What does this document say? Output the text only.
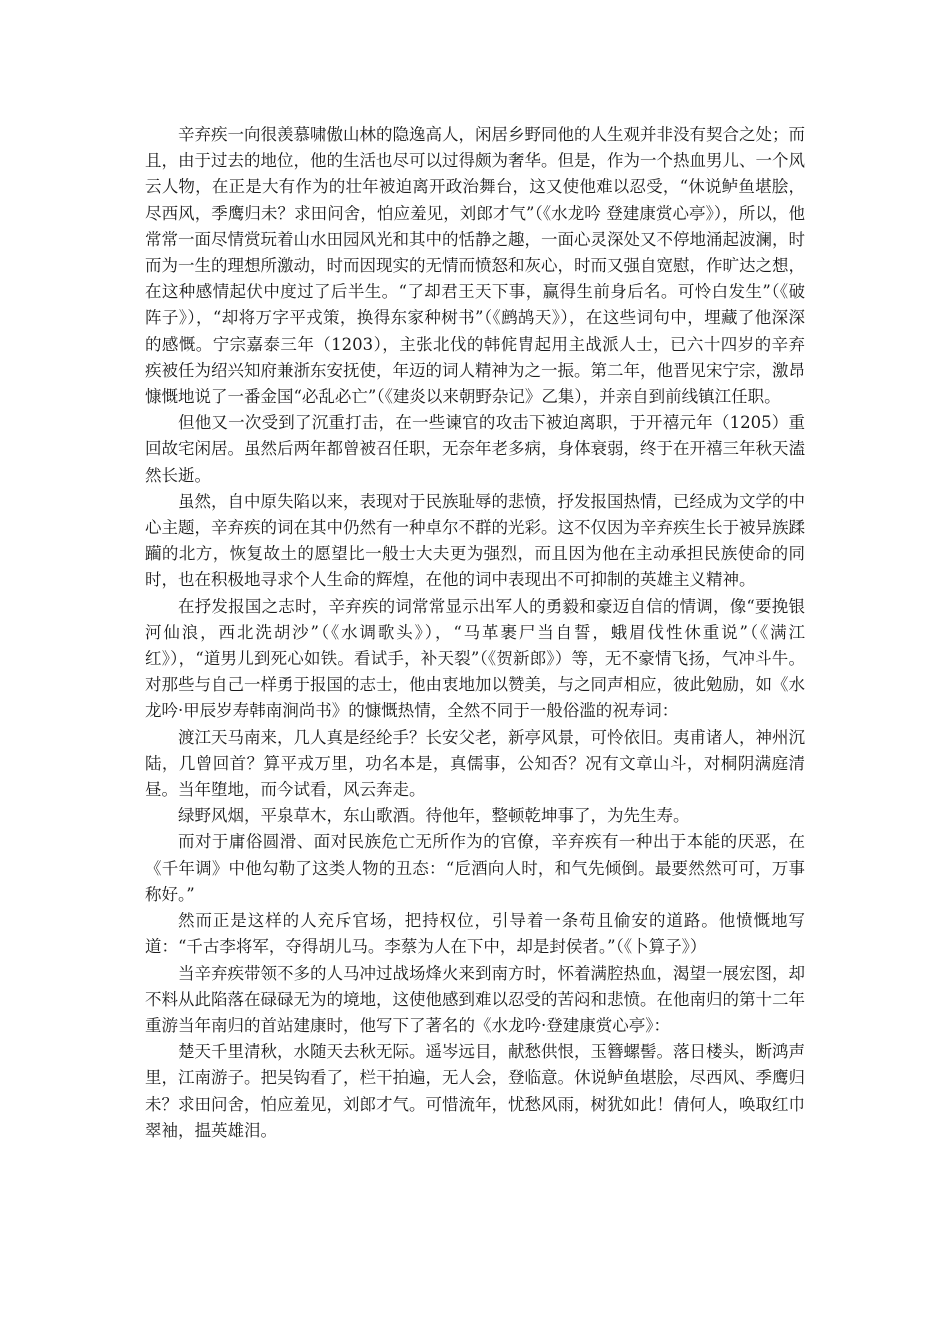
辛弃疾一向很羡慕啸傲山林的隐逸高人，闲居乡野同他的人生观并非没有契合之处；而且，由于过去的地位，他的生活也尽可以过得颇为奢华。但是，作为一个热血男儿、一个风云人物，在正是大有作为的壮年被迫离开政治舞台，这又使他难以忍受，“休说鲈鱼堪脍，尽西风，季鹰归未？求田问舍，怕应羞见，刘郎才气”（《水龙吟 登建康赏心亭》），所以，他常常一面尽情赏玩着山水田园风光和其中的恬静之趣，一面心灵深处又不停地涌起波澜，时而为一生的理想所激动，时而因现实的无情而愤怒和灰心，时而又强自宽慰，作旷达之想，在这种感情起伏中度过了后半生。“了却君王天下事，赢得生前身后名。可怜白发生”（《破阵子》），“却将万字平戎策，换得东家种树书”（《鹧鸪天》），在这些词句中，埋藏了他深深的感慨。宁宗嘉泰三年（1203），主张北伐的韩侂胄起用主战派人士，已六十四岁的辛弃疾被任为绍兴知府兼浙东安抚使，年迈的词人精神为之一振。第二年，他晋见宋宁宗，激昂慷慨地说了一番金国“必乱必亡”（《建炎以来朝野杂记》乙集），并亲自到前线镇江任职。

但他又一次受到了沉重打击，在一些谏官的攻击下被迫离职，于开禧元年（1205）重回故宅闲居。虽然后两年都曾被召任职，无奈年老多病，身体衰弱，终于在开禧三年秋天溘然长逝。

虽然，自中原失陷以来，表现对于民族耻辱的悲愤，抒发报国热情，已经成为文学的中心主题，辛弃疾的词在其中仍然有一种卓尔不群的光彩。这不仅因为辛弃疾生长于被异族蹂躏的北方，恢复故土的愿望比一般士大夫更为强烈，而且因为他在主动承担民族使命的同时，也在积极地寻求个人生命的辉煌，在他的词中表现出不可抑制的英雄主义精神。

在抒发报国之志时，辛弃疾的词常常显示出军人的勇毅和豪迈自信的情调，像“要挽银河仙浪，西北洗胡沙”（《水调歌头》），“马革裹尸当自誓，蛾眉伐性休重说”（《满江红》），“道男儿到死心如铁。看试手，补天裂”（《贺新郎》）等，无不豪情飞扬，气冲斗牛。对那些与自己一样勇于报国的志士，他由衷地加以赞美，与之同声相应，彼此勉励，如《水龙吟·甲辰岁寿韩南涧尚书》的慷慨热情，全然不同于一般俗滥的祝寿词：

渡江天马南来，几人真是经纶手？长安父老，新亭风景，可怜依旧。夷甫诸人，神州沉陆，几曾回首？算平戎万里，功名本是，真儒事，公知否？况有文章山斗，对桐阴满庭清昼。当年堕地，而今试看，风云奔走。

绿野风烟，平泉草木，东山歌酒。待他年，整顿乾坤事了，为先生寿。

而对于庸俗圆滑、面对民族危亡无所作为的官僚，辛弃疾有一种出于本能的厌恶，在《千年调》中他勾勒了这类人物的丑态：“卮酒向人时，和气先倾倒。最要然然可可，万事称好。”

然而正是这样的人充斥官场，把持权位，引导着一条苟且偷安的道路。他愤慨地写道：“千古李将军，夺得胡儿马。李蔡为人在下中，却是封侯者。”（《卜算子》）

当辛弃疾带领不多的人马冲过战场烽火来到南方时，怀着满腔热血，渴望一展宏图，却不料从此陷落在碌碌无为的境地，这使他感到难以忍受的苦闷和悲愤。在他南归的第十二年重游当年南归的首站建康时，他写下了著名的《水龙吟·登建康赏心亭》：

楚天千里清秋，水随天去秋无际。遥岑远目，献愁供恨，玉簪螺髻。落日楼头，断鸿声里，江南游子。把吴钩看了，栏干拍遍，无人会，登临意。休说鲈鱼堪脍，尽西风、季鹰归未？求田问舍，怕应羞见，刘郎才气。可惜流年，忧愁风雨，树犹如此！倩何人，唤取红巾翠袖，揾英雄泪。
